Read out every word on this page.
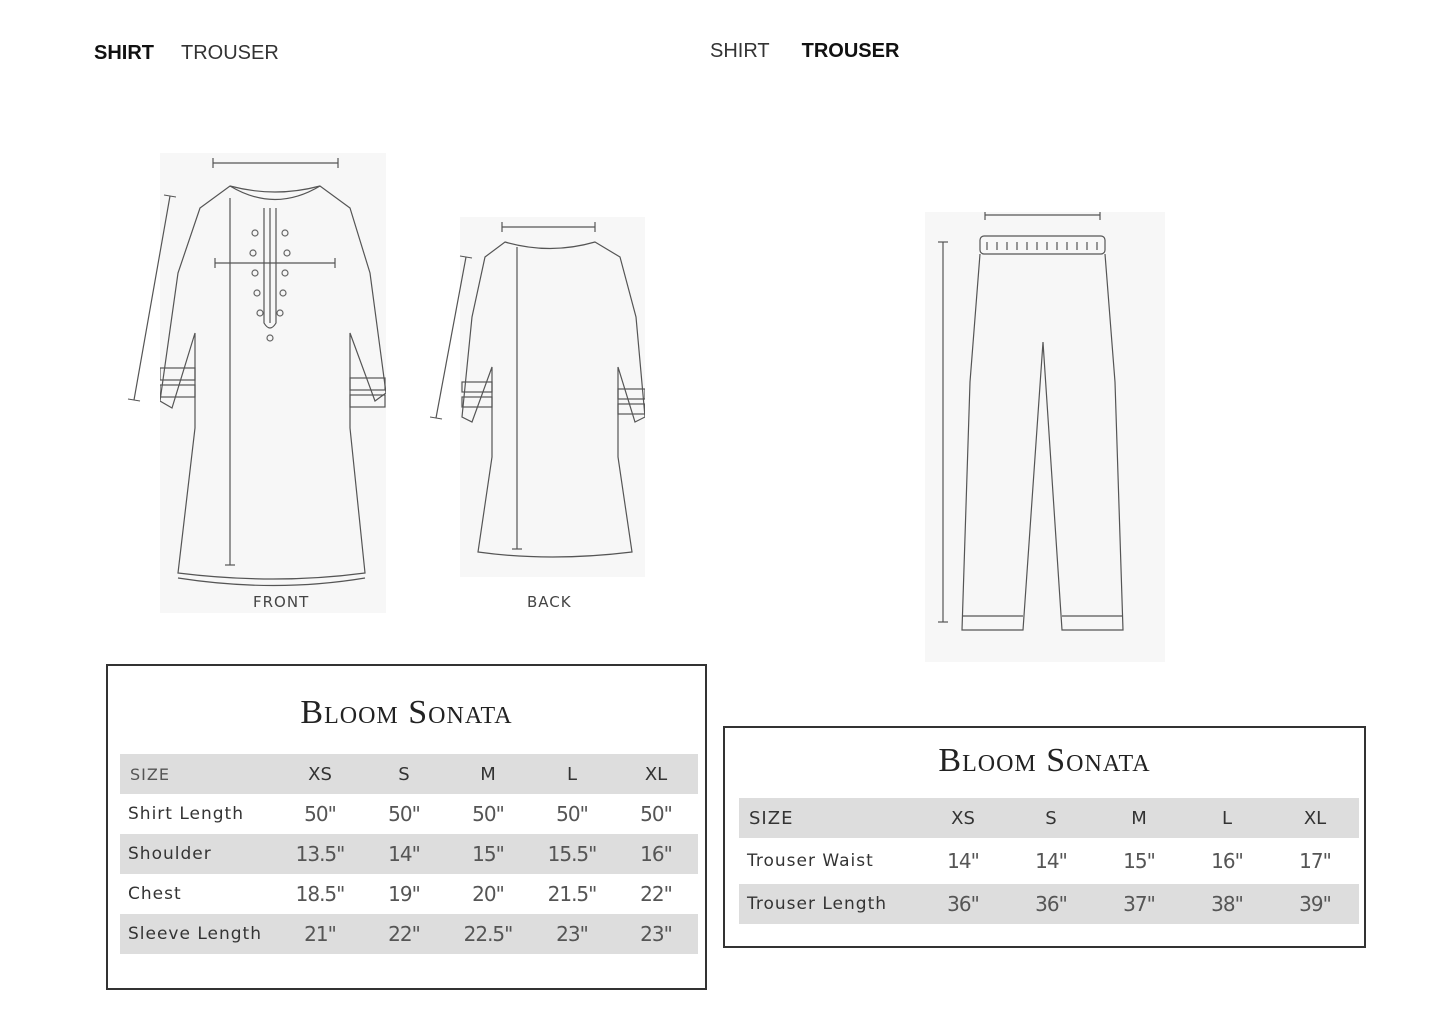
SHIRT TROUSER
FRONT	BACK
Bloom Sonata
SIZE	XS	S	M	L	XL
Shirt Length	50"	50"	50"	50"	50"
Shoulder	13.5"	14"	15"	15.5"	16"
Chest	18.5"	19"	20"	21.5"	22"
Sleeve Length	21"	22"	22.5"	23"	23"
SHIRT TROUSER
Bloom Sonata
SIZE	XS	S	M	L	XL
Trouser Waist	14"	14"	15"	16"	17"
Trouser Length	36"	36"	37"	38"	39"
